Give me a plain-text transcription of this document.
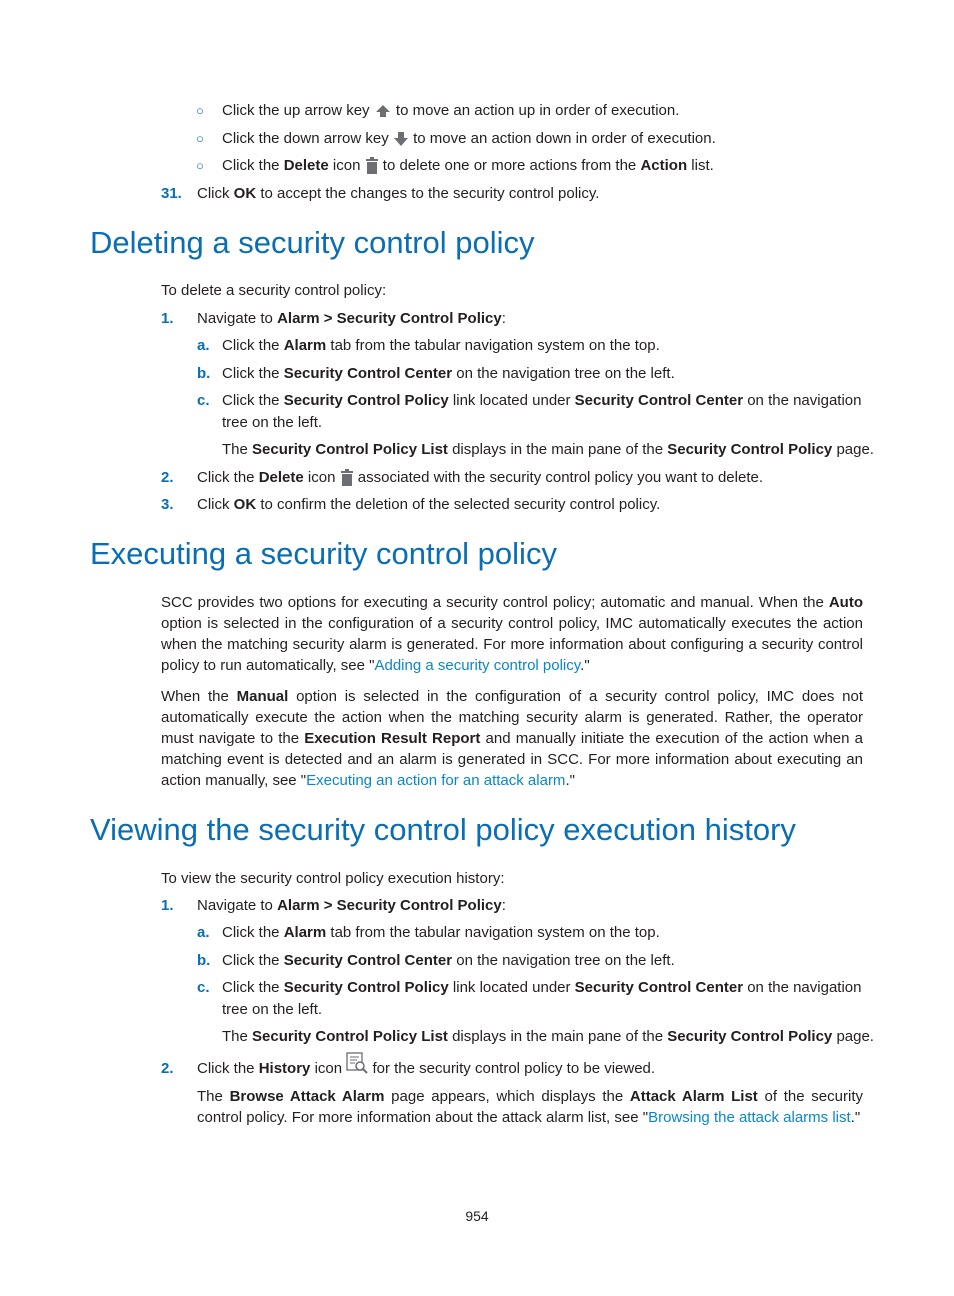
○ Click the up arrow key to move an action up in order of execution.
○ Click the down arrow key to move an action down in order of execution.
○ Click the Delete icon to delete one or more actions from the Action list.
31.	Click OK to accept the changes to the security control policy.
Deleting a security control policy
To delete a security control policy:
1.	Navigate to Alarm > Security Control Policy:
a. Click the Alarm tab from the tabular navigation system on the top.
b. Click the Security Control Center on the navigation tree on the left.
c. Click the Security Control Policy link located under Security Control Center on the navigation
tree on the left.
The Security Control Policy List displays in the main pane of the Security Control Policy page.
2.	Click the Delete icon associated with the security control policy you want to delete.
3.	Click OK to confirm the deletion of the selected security control policy.
Executing a security control policy
SCC provides two options for executing a security control policy; automatic and manual. When the Auto option is selected in the configuration of a security control policy, IMC automatically executes the action when the matching security alarm is generated. For more information about configuring a security control policy to run automatically, see "Adding a security control policy."
When the Manual option is selected in the configuration of a security control policy, IMC does not automatically execute the action when the matching security alarm is generated. Rather, the operator must navigate to the Execution Result Report and manually initiate the execution of the action when a matching event is detected and an alarm is generated in SCC. For more information about executing an action manually, see "Executing an action for an attack alarm."
Viewing the security control policy execution history
To view the security control policy execution history:
1.	Navigate to Alarm > Security Control Policy:
a. Click the Alarm tab from the tabular navigation system on the top.
b. Click the Security Control Center on the navigation tree on the left.
c. Click the Security Control Policy link located under Security Control Center on the navigation
tree on the left.
The Security Control Policy List displays in the main pane of the Security Control Policy page.
2.	Click the History icon for the security control policy to be viewed.
The Browse Attack Alarm page appears, which displays the Attack Alarm List of the security control policy. For more information about the attack alarm list, see "Browsing the attack alarms list."
954
